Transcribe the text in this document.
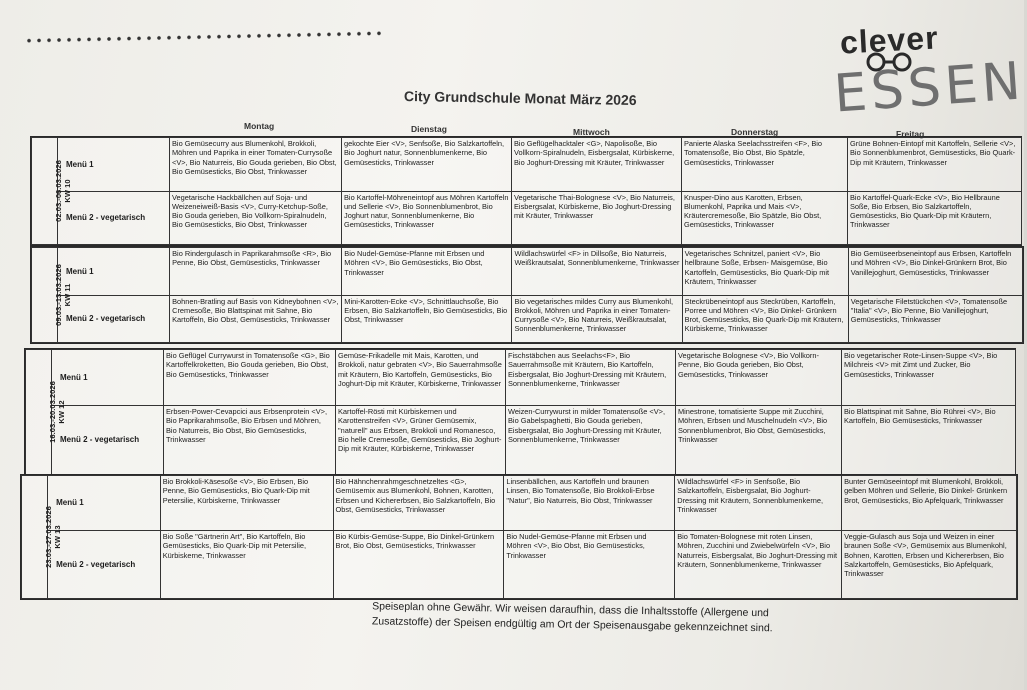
clever
ESSEN
City Grundschule Monat März 2026
Montag	Dienstag	Mittwoch	Donnerstag	Freitag
02.03.-06.03.2026
KW 10	Menü 1	Bio Gemüsecurry aus Blumenkohl, Brokkoli, Möhren und Paprika in einer Tomaten-Currysoße <V>, Bio Naturreis, Bio Gouda gerieben, Bio Obst, Bio Gemüsesticks, Bio Obst, Trinkwasser	gekochte Eier <V>, Senfsoße, Bio Salzkartoffeln, Bio Joghurt natur, Sonnenblumenkerne, Bio Gemüsesticks, Trinkwasser	Bio Geflügelhacktaler <G>, Napolisoße, Bio Vollkorn-Spiralnudeln, Eisbergsalat, Kürbiskerne, Bio Joghurt-Dressing mit Kräuter, Trinkwasser	Panierte Alaska Seelachsstreifen <F>, Bio Tomatensoße, Bio Obst, Bio Spätzle, Gemüsesticks, Trinkwasser	Grüne Bohnen-Eintopf mit Kartoffeln, Sellerie <V>, Bio Sonnenblumenbrot, Gemüsesticks, Bio Quark-Dip mit Kräutern, Trinkwasser
	Menü 2 - vegetarisch	Vegetarische Hackbällchen auf Soja- und Weizeneiweiß-Basis <V>, Curry-Ketchup-Soße, Bio Gouda gerieben, Bio Vollkorn-Spiralnudeln, Bio Gemüsesticks, Bio Obst, Trinkwasser	Bio Kartoffel-Möhreneintopf aus Möhren Kartoffeln und Sellerie <V>, Bio Sonnenblumenbrot, Bio Joghurt natur, Sonnenblumenkerne, Bio Gemüsesticks, Trinkwasser	Vegetarische Thai-Bolognese <V>, Bio Naturreis, Eisbergsalat, Kürbiskerne, Bio Joghurt-Dressing mit Kräuter, Trinkwasser	Knusper-Dino aus Karotten, Erbsen, Blumenkohl, Paprika und Mais <V>, Kräutercremesoße, Bio Spätzle, Bio Obst, Gemüsesticks, Trinkwasser	Bio Kartoffel-Quark-Ecke <V>, Bio Hellbraune Soße, Bio Erbsen, Bio Salzkartoffeln, Gemüsesticks, Bio Quark-Dip mit Kräutern, Trinkwasser
09.03.-13.03.2026
KW 11	Menü 1	Bio Rindergulasch in Paprikarahmsoße <R>, Bio Penne, Bio Obst, Gemüsesticks, Trinkwasser	Bio Nudel-Gemüse-Pfanne mit Erbsen und Möhren <V>, Bio Gemüsesticks, Bio Obst, Trinkwasser	Wildlachswürfel <F> in Dillsoße, Bio Naturreis, Weißkrautsalat, Sonnenblumenkerne, Trinkwasser	Vegetarisches Schnitzel, paniert <V>, Bio hellbraune Soße, Erbsen- Maisgemüse, Bio Kartoffeln, Gemüsesticks, Bio Quark-Dip mit Kräutern, Trinkwasser	Bio Gemüseerbseneintopf aus Erbsen, Kartoffeln und Möhren <V>, Bio Dinkel-Grünkern Brot, Bio Vanillejoghurt, Gemüsesticks, Trinkwasser
	Menü 2 - vegetarisch	Bohnen-Bratling auf Basis von Kidneybohnen <V>, Cremesoße, Bio Blattspinat mit Sahne, Bio Kartoffeln, Bio Obst, Gemüsesticks, Trinkwasser	Mini-Karotten-Ecke <V>, Schnittlauchsoße, Bio Erbsen, Bio Salzkartoffeln, Bio Gemüsesticks, Bio Obst, Trinkwasser	Bio vegetarisches mildes Curry aus Blumenkohl, Brokkoli, Möhren und Paprika in einer Tomaten-Currysoße <V>, Bio Naturreis, Weißkrautsalat, Sonnenblumenkerne, Trinkwasser	Steckrübeneintopf aus Steckrüben, Kartoffeln, Porree und Möhren <V>, Bio Dinkel- Grünkern Brot, Gemüsesticks, Bio Quark-Dip mit Kräutern, Kürbiskerne, Trinkwasser	Vegetarische Filetstückchen <V>, Tomatensoße "Italia" <V>, Bio Penne, Bio Vanillejoghurt, Gemüsesticks, Trinkwasser
16.03.-20.03.2026
KW 12	Menü 1	Bio Geflügel Currywurst in Tomatensoße <G>, Bio Kartoffelkroketten, Bio Gouda gerieben, Bio Obst, Bio Gemüsesticks, Trinkwasser	Gemüse-Frikadelle mit Mais, Karotten, und Brokkoli, natur gebraten <V>, Bio Sauerrahmsoße mit Kräutern, Bio Kartoffeln, Gemüsesticks, Bio Joghurt-Dip mit Kräuter, Kürbiskerne, Trinkwasser	Fischstäbchen aus Seelachs<F>, Bio Sauerrahmsoße mit Kräutern, Bio Kartoffeln, Eisbergsalat, Bio Joghurt-Dressing mit Kräutern, Sonnenblumenkerne, Trinkwasser	Vegetarische Bolognese <V>, Bio Vollkorn-Penne, Bio Gouda gerieben, Bio Obst, Gemüsesticks, Trinkwasser	Bio vegetarischer Rote-Linsen-Suppe <V>, Bio Milchreis <V> mit Zimt und Zucker, Bio Gemüsesticks, Trinkwasser
	Menü 2 - vegetarisch	Erbsen-Power-Cevapcici aus Erbsenprotein <V>, Bio Paprikarahmsoße, Bio Erbsen und Möhren, Bio Naturreis, Bio Obst, Bio Gemüsesticks, Trinkwasser	Kartoffel-Rösti mit Kürbiskernen und Karottenstreifen <V>, Grüner Gemüsemix, "naturell" aus Erbsen, Brokkoli und Romanesco, Bio helle Cremesoße, Gemüsesticks, Bio Joghurt-Dip mit Kräuter, Kürbiskerne, Trinkwasser	Weizen-Currywurst in milder Tomatensoße <V>, Bio Gabelspaghetti, Bio Gouda gerieben, Eisbergsalat, Bio Joghurt-Dressing mit Kräuter, Sonnenblumenkerne, Trinkwasser	Minestrone, tomatisierte Suppe mit Zucchini, Möhren, Erbsen und Muschelnudeln <V>, Bio Sonnenblumenbrot, Bio Obst, Gemüsesticks, Trinkwasser	Bio Blattspinat mit Sahne, Bio Rührei <V>, Bio Kartoffeln, Bio Gemüsesticks, Trinkwasser
23.03.-27.03.2026
KW 13	Menü 1	Bio Brokkoli-Käsesoße <V>, Bio Erbsen, Bio Penne, Bio Gemüsesticks, Bio Quark-Dip mit Petersilie, Kürbiskerne, Trinkwasser	Bio Hähnchenrahmgeschnetzeltes <G>, Gemüsemix aus Blumenkohl, Bohnen, Karotten, Erbsen und Kichererbsen, Bio Salzkartoffeln, Bio Obst, Gemüsesticks, Trinkwasser	Linsenbällchen, aus Kartoffeln und braunen Linsen, Bio Tomatensoße, Bio Brokkoli-Erbse "Natur", Bio Naturreis, Bio Obst, Trinkwasser	Wildlachswürfel <F> in Senfsoße, Bio Salzkartoffeln, Eisbergsalat, Bio Joghurt-Dressing mit Kräutern, Sonnenblumenkerne, Trinkwasser	Bunter Gemüseeintopf mit Blumenkohl, Brokkoli, gelben Möhren und Sellerie, Bio Dinkel- Grünkern Brot, Gemüsesticks, Bio Apfelquark, Trinkwasser
	Menü 2 - vegetarisch	Bio Soße "Gärtnerin Art", Bio Kartoffeln, Bio Gemüsesticks, Bio Quark-Dip mit Petersilie, Kürbiskerne, Trinkwasser	Bio Kürbis-Gemüse-Suppe, Bio Dinkel-Grünkern Brot, Bio Obst, Gemüsesticks, Trinkwasser	Bio Nudel-Gemüse-Pfanne mit Erbsen und Möhren <V>, Bio Obst, Bio Gemüsesticks, Trinkwasser	Bio Tomaten-Bolognese mit roten Linsen, Möhren, Zucchini und Zwiebelwürfeln <V>, Bio Naturreis, Eisbergsalat, Bio Joghurt-Dressing mit Kräutern, Sonnenblumenkerne, Trinkwasser	Veggie-Gulasch aus Soja und Weizen in einer braunen Soße <V>, Gemüsemix aus Blumenkohl, Bohnen, Karotten, Erbsen und Kichererbsen, Bio Salzkartoffeln, Gemüsesticks, Bio Apfelquark, Trinkwasser
Speiseplan ohne Gewähr. Wir weisen daraufhin, dass die Inhaltsstoffe (Allergene und Zusatzstoffe) der Speisen endgültig am Ort der Speisenausgabe gekennzeichnet sind.
